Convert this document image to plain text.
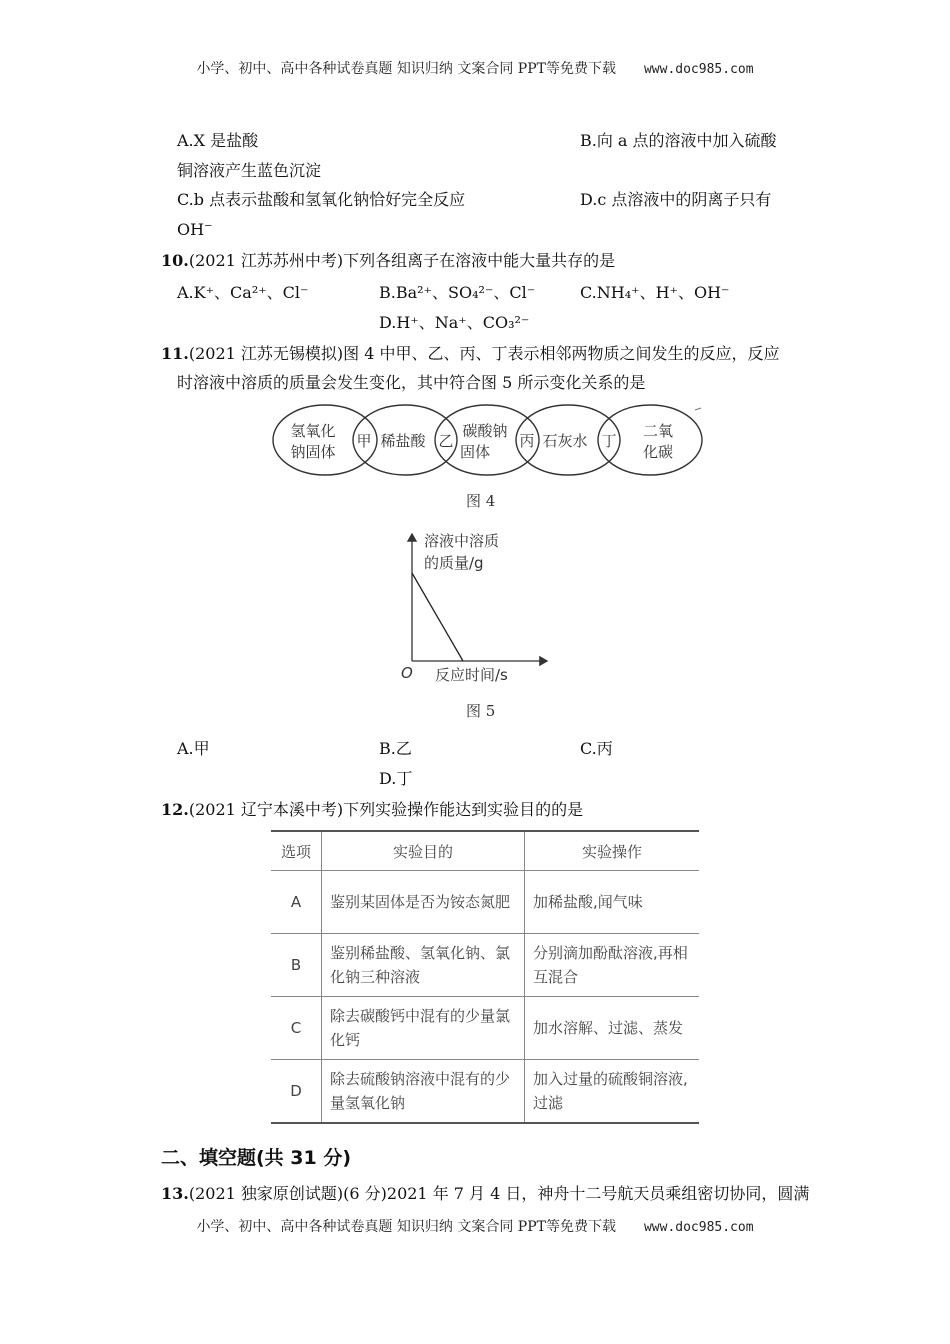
小学、初中、高中各种试卷真题 知识归纳 文案合同 PPT等免费下载 www.doc985.com
A.X 是盐酸	B.向 a 点的溶液中加入硫酸
铜溶液产生蓝色沉淀
C.b 点表示盐酸和氢氧化钠恰好完全反应	D.c 点溶液中的阴离子只有
OH−
10.(2021 江苏苏州中考)下列各组离子在溶液中能大量共存的是
A.K⁺、Ca²⁺、Cl⁻	B.Ba²⁺、SO₄²⁻、Cl⁻	C.NH₄⁺、H⁺、OH⁻
D.H⁺、Na⁺、CO₃²⁻
11.(2021 江苏无锡模拟)图 4 中甲、乙、丙、丁表示相邻两物质之间发生的反应，反应
时溶液中溶质的质量会发生变化，其中符合图 5 所示变化关系的是
氢氧化
钠固体
稀盐酸
碳酸钠
固体
石灰水
二氧
化碳
甲	乙	丙	丁
图 4
溶液中溶质
的质量/g
反应时间/s
O
图 5
A.甲	B.乙	C.丙
D.丁
12.(2021 辽宁本溪中考)下列实验操作能达到实验目的的是
选项	实验目的	实验操作
A	鉴别某固体是否为铵态氮肥	加稀盐酸,闻气味
B	鉴别稀盐酸、氢氧化钠、氯化钠三种溶液	分别滴加酚酞溶液,再相互混合
C	除去碳酸钙中混有的少量氯化钙	加水溶解、过滤、蒸发
D	除去硫酸钠溶液中混有的少量氢氧化钠	加入过量的硫酸铜溶液,过滤
二、填空题(共 31 分)
13.(2021 独家原创试题)(6 分)2021 年 7 月 4 日，神舟十二号航天员乘组密切协同，圆满
小学、初中、高中各种试卷真题 知识归纳 文案合同 PPT等免费下载 www.doc985.com
